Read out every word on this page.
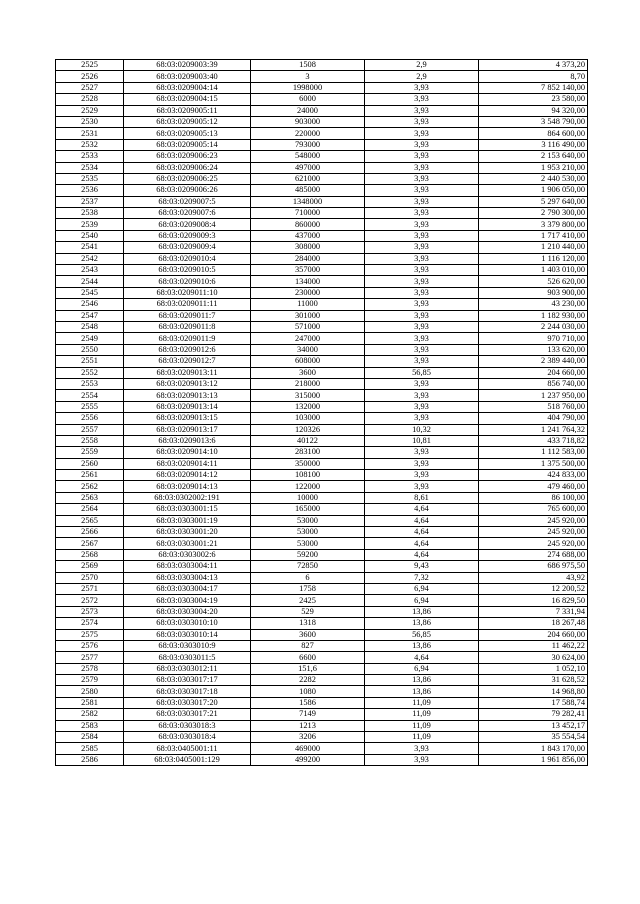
2525	68:03:0209003:39	1508	2,9	4 373,20
2526	68:03:0209003:40	3	2,9	8,70
2527	68:03:0209004:14	1998000	3,93	7 852 140,00
2528	68:03:0209004:15	6000	3,93	23 580,00
2529	68:03:0209005:11	24000	3,93	94 320,00
2530	68:03:0209005:12	903000	3,93	3 548 790,00
2531	68:03:0209005:13	220000	3,93	864 600,00
2532	68:03:0209005:14	793000	3,93	3 116 490,00
2533	68:03:0209006:23	548000	3,93	2 153 640,00
2534	68:03:0209006:24	497000	3,93	1 953 210,00
2535	68:03:0209006:25	621000	3,93	2 440 530,00
2536	68:03:0209006:26	485000	3,93	1 906 050,00
2537	68:03:0209007:5	1348000	3,93	5 297 640,00
2538	68:03:0209007:6	710000	3,93	2 790 300,00
2539	68:03:0209008:4	860000	3,93	3 379 800,00
2540	68:03:0209009:3	437000	3,93	1 717 410,00
2541	68:03:0209009:4	308000	3,93	1 210 440,00
2542	68:03:0209010:4	284000	3,93	1 116 120,00
2543	68:03:0209010:5	357000	3,93	1 403 010,00
2544	68:03:0209010:6	134000	3,93	526 620,00
2545	68:03:0209011:10	230000	3,93	903 900,00
2546	68:03:0209011:11	11000	3,93	43 230,00
2547	68:03:0209011:7	301000	3,93	1 182 930,00
2548	68:03:0209011:8	571000	3,93	2 244 030,00
2549	68:03:0209011:9	247000	3,93	970 710,00
2550	68:03:0209012:6	34000	3,93	133 620,00
2551	68:03:0209012:7	608000	3,93	2 389 440,00
2552	68:03:0209013:11	3600	56,85	204 660,00
2553	68:03:0209013:12	218000	3,93	856 740,00
2554	68:03:0209013:13	315000	3,93	1 237 950,00
2555	68:03:0209013:14	132000	3,93	518 760,00
2556	68:03:0209013:15	103000	3,93	404 790,00
2557	68:03:0209013:17	120326	10,32	1 241 764,32
2558	68:03:0209013:6	40122	10,81	433 718,82
2559	68:03:0209014:10	283100	3,93	1 112 583,00
2560	68:03:0209014:11	350000	3,93	1 375 500,00
2561	68:03:0209014:12	108100	3,93	424 833,00
2562	68:03:0209014:13	122000	3,93	479 460,00
2563	68:03:0302002:191	10000	8,61	86 100,00
2564	68:03:0303001:15	165000	4,64	765 600,00
2565	68:03:0303001:19	53000	4,64	245 920,00
2566	68:03:0303001:20	53000	4,64	245 920,00
2567	68:03:0303001:21	53000	4,64	245 920,00
2568	68:03:0303002:6	59200	4,64	274 688,00
2569	68:03:0303004:11	72850	9,43	686 975,50
2570	68:03:0303004:13	6	7,32	43,92
2571	68:03:0303004:17	1758	6,94	12 200,52
2572	68:03:0303004:19	2425	6,94	16 829,50
2573	68:03:0303004:20	529	13,86	7 331,94
2574	68:03:0303010:10	1318	13,86	18 267,48
2575	68:03:0303010:14	3600	56,85	204 660,00
2576	68:03:0303010:9	827	13,86	11 462,22
2577	68:03:0303011:5	6600	4,64	30 624,00
2578	68:03:0303012:11	151,6	6,94	1 052,10
2579	68:03:0303017:17	2282	13,86	31 628,52
2580	68:03:0303017:18	1080	13,86	14 968,80
2581	68:03:0303017:20	1586	11,09	17 588,74
2582	68:03:0303017:21	7149	11,09	79 282,41
2583	68:03:0303018:3	1213	11,09	13 452,17
2584	68:03:0303018:4	3206	11,09	35 554,54
2585	68:03:0405001:11	469000	3,93	1 843 170,00
2586	68:03:0405001:129	499200	3,93	1 961 856,00
